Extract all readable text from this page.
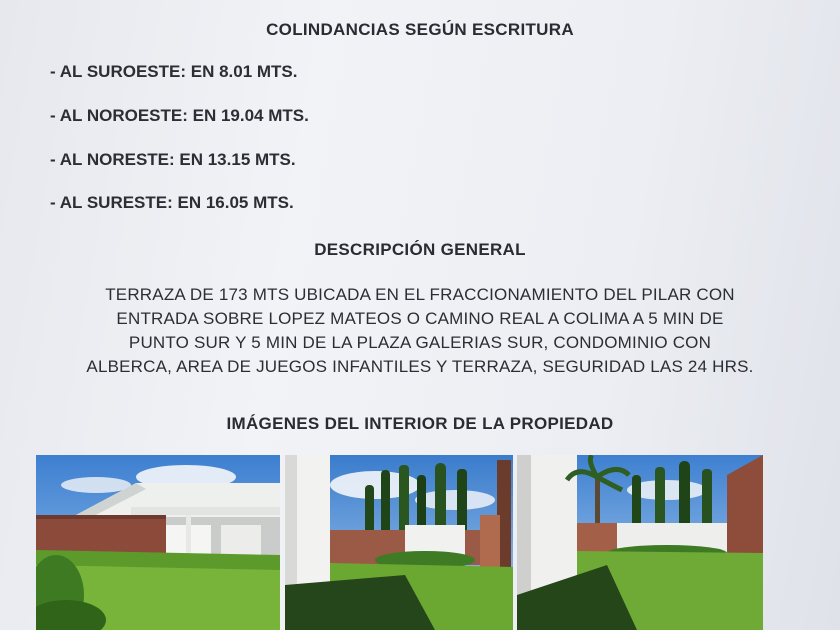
COLINDANCIAS SEGÚN ESCRITURA
- AL SUROESTE: EN 8.01 MTS.
- AL NOROESTE: EN 19.04 MTS.
- AL NORESTE: EN 13.15 MTS.
- AL SURESTE: EN 16.05 MTS.
DESCRIPCIÓN GENERAL
TERRAZA DE 173 MTS UBICADA EN EL FRACCIONAMIENTO DEL PILAR CON
ENTRADA SOBRE LOPEZ MATEOS O CAMINO REAL A COLIMA A 5 MIN DE
PUNTO SUR Y 5 MIN DE LA PLAZA GALERIAS SUR, CONDOMINIO CON
ALBERCA, AREA DE JUEGOS INFANTILES Y TERRAZA, SEGURIDAD LAS 24 HRS.
IMÁGENES DEL INTERIOR DE LA PROPIEDAD
